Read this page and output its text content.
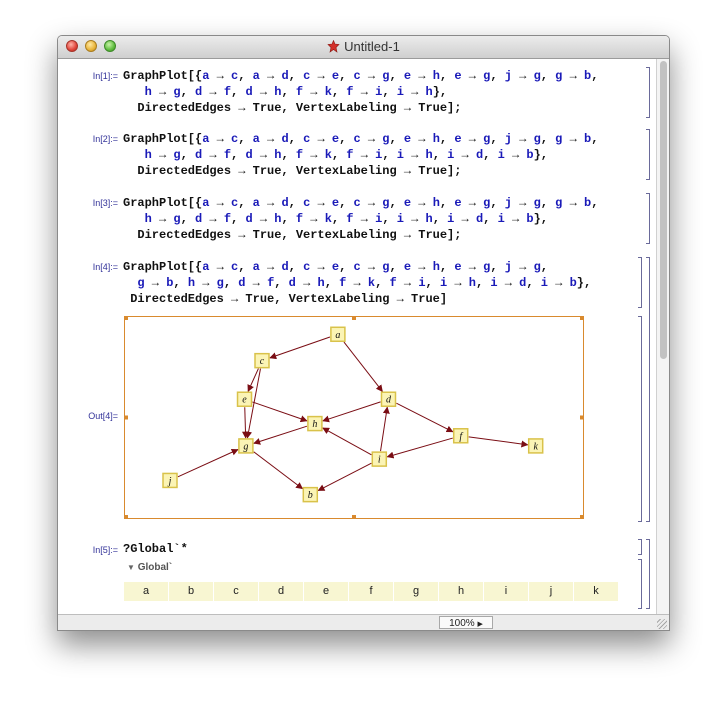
Untitled-1
In[1]:= GraphPlot[{a → c, a → d, c → e, c → g, e → h, e → g, j → g, g → b,
h → g, d → f, d → h, f → k, f → i, i → h},
DirectedEdges → True, VertexLabeling → True];
In[2]:= GraphPlot[{a → c, a → d, c → e, c → g, e → h, e → g, j → g, g → b,
h → g, d → f, d → h, f → k, f → i, i → h, i → d, i → b},
DirectedEdges → True, VertexLabeling → True];
In[3]:= GraphPlot[{a → c, a → d, c → e, c → g, e → h, e → g, j → g, g → b,
h → g, d → f, d → h, f → k, f → i, i → h, i → d, i → b},
DirectedEdges → True, VertexLabeling → True];
In[4]:= GraphPlot[{a → c, a → d, c → e, c → g, e → h, e → g, j → g,
g → b, h → g, d → f, d → h, f → k, f → i, i → h, i → d, i → b},
DirectedEdges → True, VertexLabeling → True]
Out[4]=
a
c
d
e
h
f
k
g
i
j
b
In[5]:= ?Global`*
▼ Global`
a	b	c	d	e	f	g	h	i	j	k
100% ▶
